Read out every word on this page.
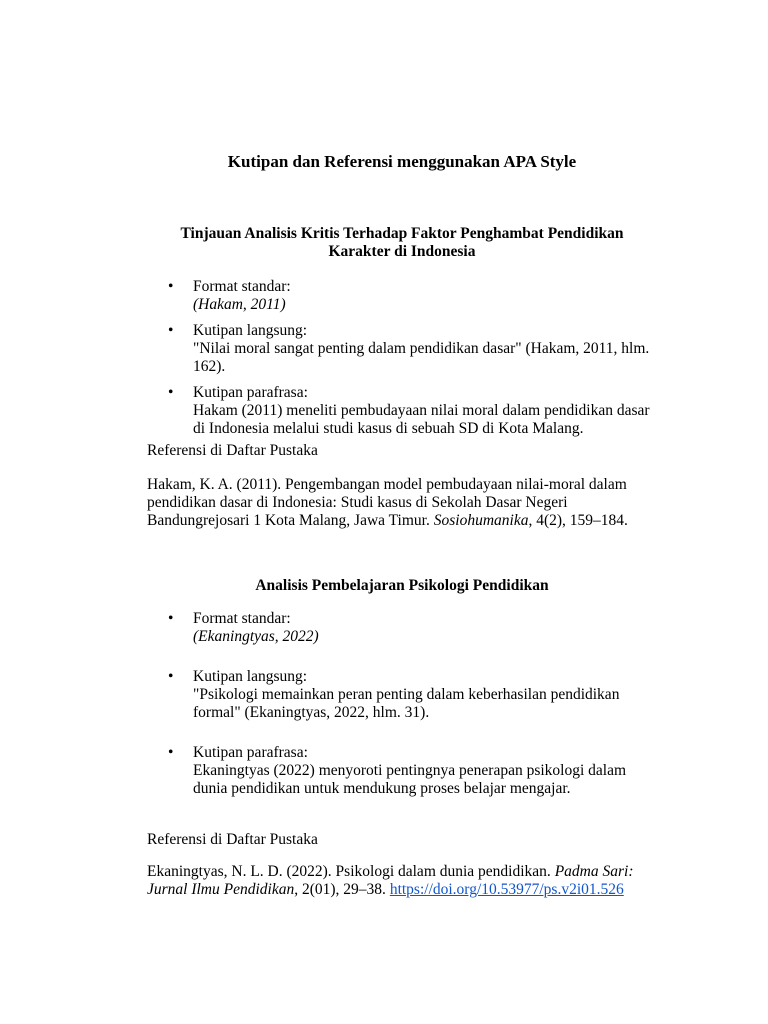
Kutipan dan Referensi menggunakan APA Style
Tinjauan Analisis Kritis Terhadap Faktor Penghambat Pendidikan
Karakter di Indonesia
• Format standar:
(Hakam, 2011)
• Kutipan langsung:
"Nilai moral sangat penting dalam pendidikan dasar" (Hakam, 2011, hlm. 162).
• Kutipan parafrasa:
Hakam (2011) meneliti pembudayaan nilai moral dalam pendidikan dasar di Indonesia melalui studi kasus di sebuah SD di Kota Malang.
Referensi di Daftar Pustaka
Hakam, K. A. (2011). Pengembangan model pembudayaan nilai-moral dalam pendidikan dasar di Indonesia: Studi kasus di Sekolah Dasar Negeri Bandungrejosari 1 Kota Malang, Jawa Timur. Sosiohumanika, 4(2), 159–184.
Analisis Pembelajaran Psikologi Pendidikan
• Format standar:
(Ekaningtyas, 2022)
• Kutipan langsung:
"Psikologi memainkan peran penting dalam keberhasilan pendidikan formal" (Ekaningtyas, 2022, hlm. 31).
• Kutipan parafrasa:
Ekaningtyas (2022) menyoroti pentingnya penerapan psikologi dalam dunia pendidikan untuk mendukung proses belajar mengajar.
Referensi di Daftar Pustaka
Ekaningtyas, N. L. D. (2022). Psikologi dalam dunia pendidikan. Padma Sari: Jurnal Ilmu Pendidikan, 2(01), 29–38. https://doi.org/10.53977/ps.v2i01.526
